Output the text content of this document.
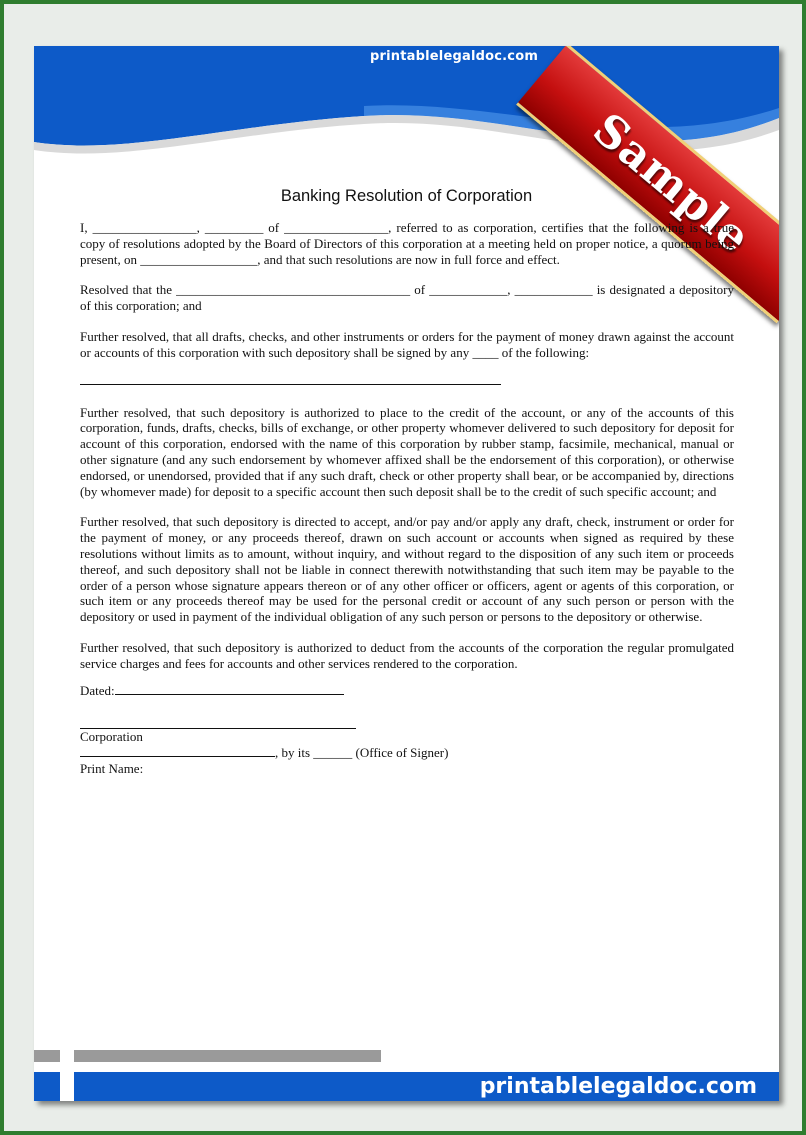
printablelegaldoc.com
Sample
Banking Resolution of Corporation

I, ________________, _________ of ________________, referred to as corporation, certifies that the following is a true copy of resolutions adopted by the Board of Directors of this corporation at a meeting held on proper notice, a quorum being present, on __________________, and that such resolutions are now in full force and effect.

Resolved that the ____________________________________ of ____________, ____________ is designated a depository of this corporation; and

Further resolved, that all drafts, checks, and other instruments or orders for the payment of money drawn against the account or accounts of this corporation with such depository shall be signed by any ____ of the following:

Further resolved, that such depository is authorized to place to the credit of the account, or any of the accounts of this corporation, funds, drafts, checks, bills of exchange, or other property whomever delivered to such depository for deposit for account of this corporation, endorsed with the name of this corporation by rubber stamp, facsimile, mechanical, manual or other signature (and any such endorsement by whomever affixed shall be the endorsement of this corporation), or otherwise endorsed, or unendorsed, provided that if any such draft, check or other property shall bear, or be accompanied by, directions (by whomever made) for deposit to a specific account then such deposit shall be to the credit of such specific account; and

Further resolved, that such depository is directed to accept, and/or pay and/or apply any draft, check, instrument or order for the payment of money, or any proceeds thereof, drawn on such account or accounts when signed as required by these resolutions without limits as to amount, without inquiry, and without regard to the disposition of any such item or proceeds thereof, and such depository shall not be liable in connect therewith notwithstanding that such item may be payable to the order of a person whose signature appears thereon or of any other officer or officers, agent or agents of this corporation, or such item or any proceeds thereof may be used for the personal credit or account of any such person or person with the depository or used in payment of the individual obligation of any such person or persons to the depository or otherwise.

Further resolved, that such depository is authorized to deduct from the accounts of the corporation the regular promulgated service charges and fees for accounts and other services rendered to the corporation.

Dated:
Corporation
, by its ______ (Office of Signer)
Print Name:
printablelegaldoc.com
